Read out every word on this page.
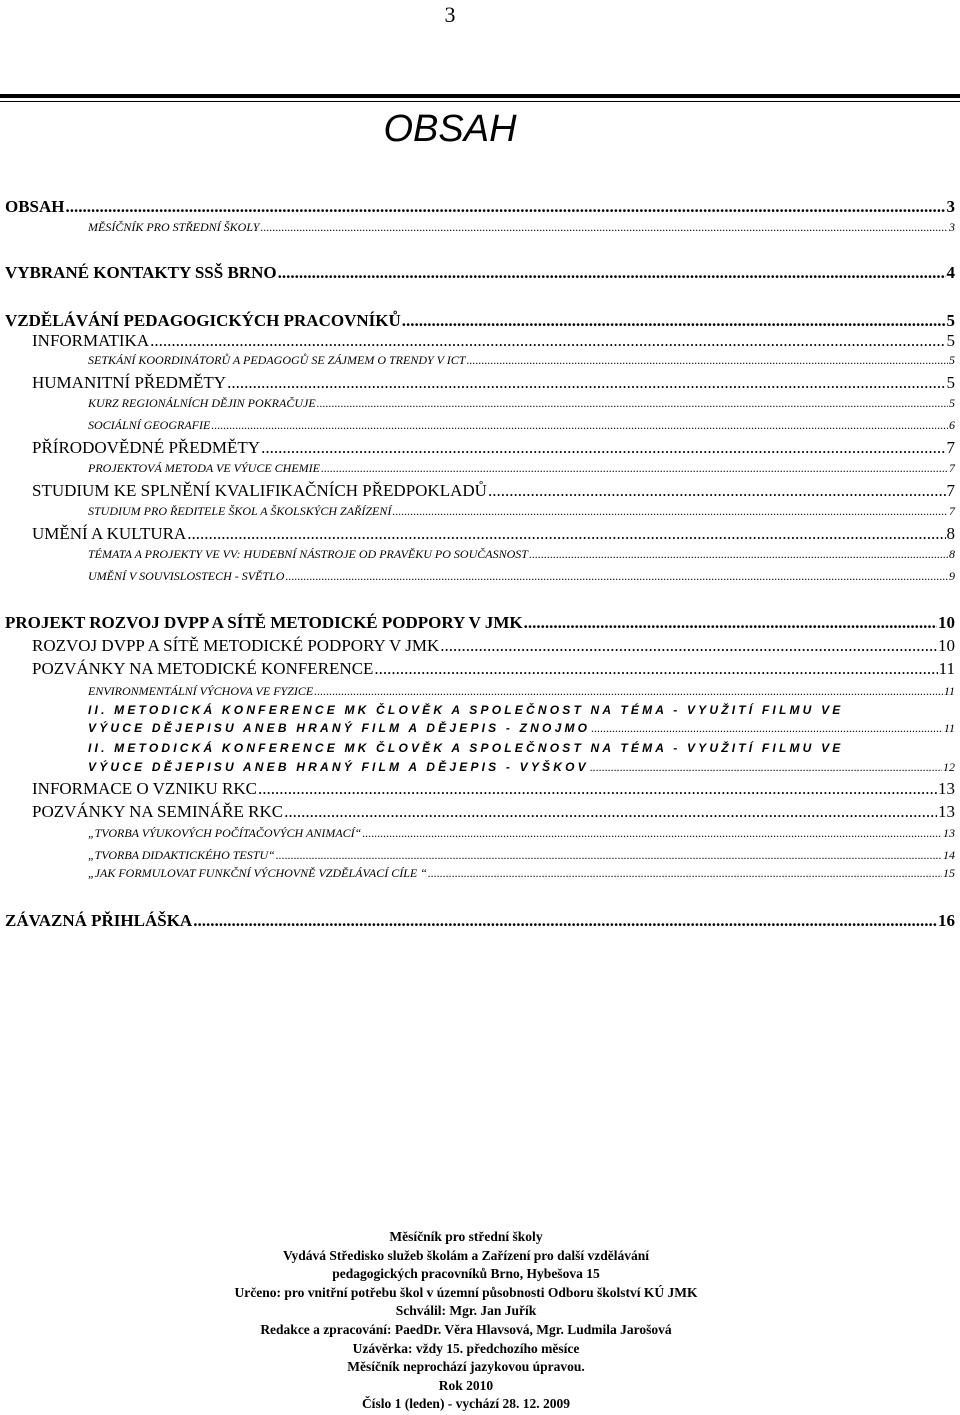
3
OBSAH
OBSAH .....	3
MĚSÍČNÍK PRO STŘEDNÍ ŠKOLY .....	3
VYBRANÉ KONTAKTY SSŠ BRNO .....	4
VZDĚLÁVÁNÍ PEDAGOGICKÝCH PRACOVNÍKŮ .....	5
INFORMATIKA .....	5
SETKÁNÍ KOORDINÁTORŮ A PEDAGOGŮ SE ZÁJMEM O TRENDY V ICT .....	5
HUMANITNÍ PŘEDMĚTY .....	5
KURZ REGIONÁLNÍCH DĚJIN POKRAČUJE .....	5
SOCIÁLNÍ GEOGRAFIE .....	6
PŘÍRODOVĚDNÉ PŘEDMĚTY .....	7
PROJEKTOVÁ METODA VE VÝUCE CHEMIE .....	7
STUDIUM KE SPLNĚNÍ KVALIFIKAČNÍCH PŘEDPOKLADŮ .....	7
STUDIUM PRO ŘEDITELE ŠKOL A ŠKOLSKÝCH ZAŘÍZENÍ .....	7
UMĚNÍ A KULTURA .....	8
TÉMATA A PROJEKTY VE VV: HUDEBNÍ NÁSTROJE OD PRAVĚKU PO SOUČASNOST .....	8
UMĚNÍ V SOUVISLOSTECH - SVĚTLO .....	9
PROJEKT ROZVOJ DVPP A SÍTĚ METODICKÉ PODPORY V JMK .....	10
ROZVOJ DVPP A SÍTĚ METODICKÉ PODPORY V JMK .....	10
POZVÁNKY NA METODICKÉ KONFERENCE .....	11
ENVIRONMENTÁLNÍ VÝCHOVA VE FYZICE .....	11
II. METODICKÁ KONFERENCE MK ČLOVĚK A SPOLEČNOST NA TÉMA - VYUŽITÍ FILMU VE
VÝUCE DĚJEPISU ANEB HRANÝ FILM A DĚJEPIS - ZNOJMO .....	11
II. METODICKÁ KONFERENCE MK ČLOVĚK A SPOLEČNOST NA TÉMA - VYUŽITÍ FILMU VE
VÝUCE DĚJEPISU ANEB HRANÝ FILM A DĚJEPIS - VYŠKOV .....	12
INFORMACE O VZNIKU RKC .....	13
POZVÁNKY NA SEMINÁŘE RKC .....	13
„TVORBA VÝUKOVÝCH POČÍTAČOVÝCH ANIMACÍ“ .....	13
„TVORBA DIDAKTICKÉHO TESTU“ .....	14
„JAK FORMULOVAT FUNKČNÍ VÝCHOVNĚ VZDĚLÁVACÍ CÍLE “ .....	15
ZÁVAZNÁ PŘIHLÁŠKA .....	16
Měsíčník pro střední školy
Vydává Středisko služeb školám a Zařízení pro další vzdělávání
pedagogických pracovníků Brno, Hybešova 15
Určeno: pro vnitřní potřebu škol v územní působnosti Odboru školství KÚ JMK
Schválil: Mgr. Jan Juřík
Redakce a zpracování: PaedDr. Věra Hlavsová, Mgr. Ludmila Jarošová
Uzávěrka: vždy 15. předchozího měsíce
Měsíčník neprochází jazykovou úpravou.
Rok 2010
Číslo 1 (leden) - vychází 28. 12. 2009
